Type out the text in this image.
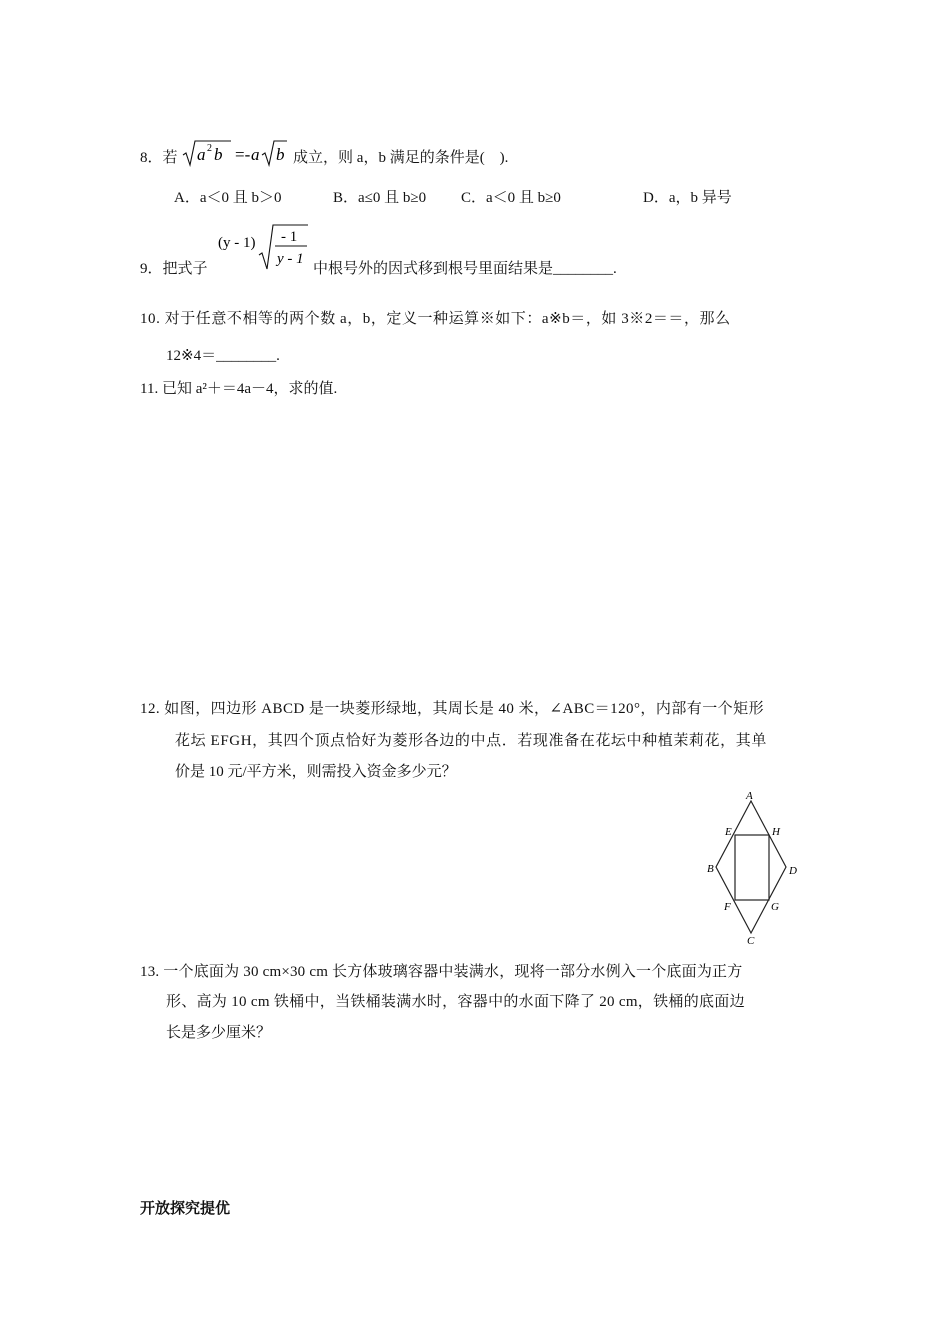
8．若 a 2 b =- a b 成立，则 a，b 满足的条件是(　).
A．a＜0 且 b＞0	B．a≤0 且 b≥0 C．a＜0 且 b≥0	D．a，b 异号
9．把式子
(y - 1) - 1
y - 1
中根号外的因式移到根号里面结果是________.
10. 对于任意不相等的两个数 a，b，定义一种运算※如下：a※b＝，如 3※2＝＝，那么
12※4＝________.
11. 已知 a²＋＝4a－4，求的值.
12. 如图，四边形 ABCD 是一块菱形绿地，其周长是 40 米，∠ABC＝120°，内部有一个矩形
花坛 EFGH，其四个顶点恰好为菱形各边的中点．若现准备在花坛中种植茉莉花，其单
价是 10 元/平方米，则需投入资金多少元？
A
E	H
B	D
F	G
C
13. 一个底面为 30 cm×30 cm 长方体玻璃容器中装满水，现将一部分水例入一个底面为正方
形、高为 10 cm 铁桶中，当铁桶装满水时，容器中的水面下降了 20 cm，铁桶的底面边
长是多少厘米？
开放探究提优
